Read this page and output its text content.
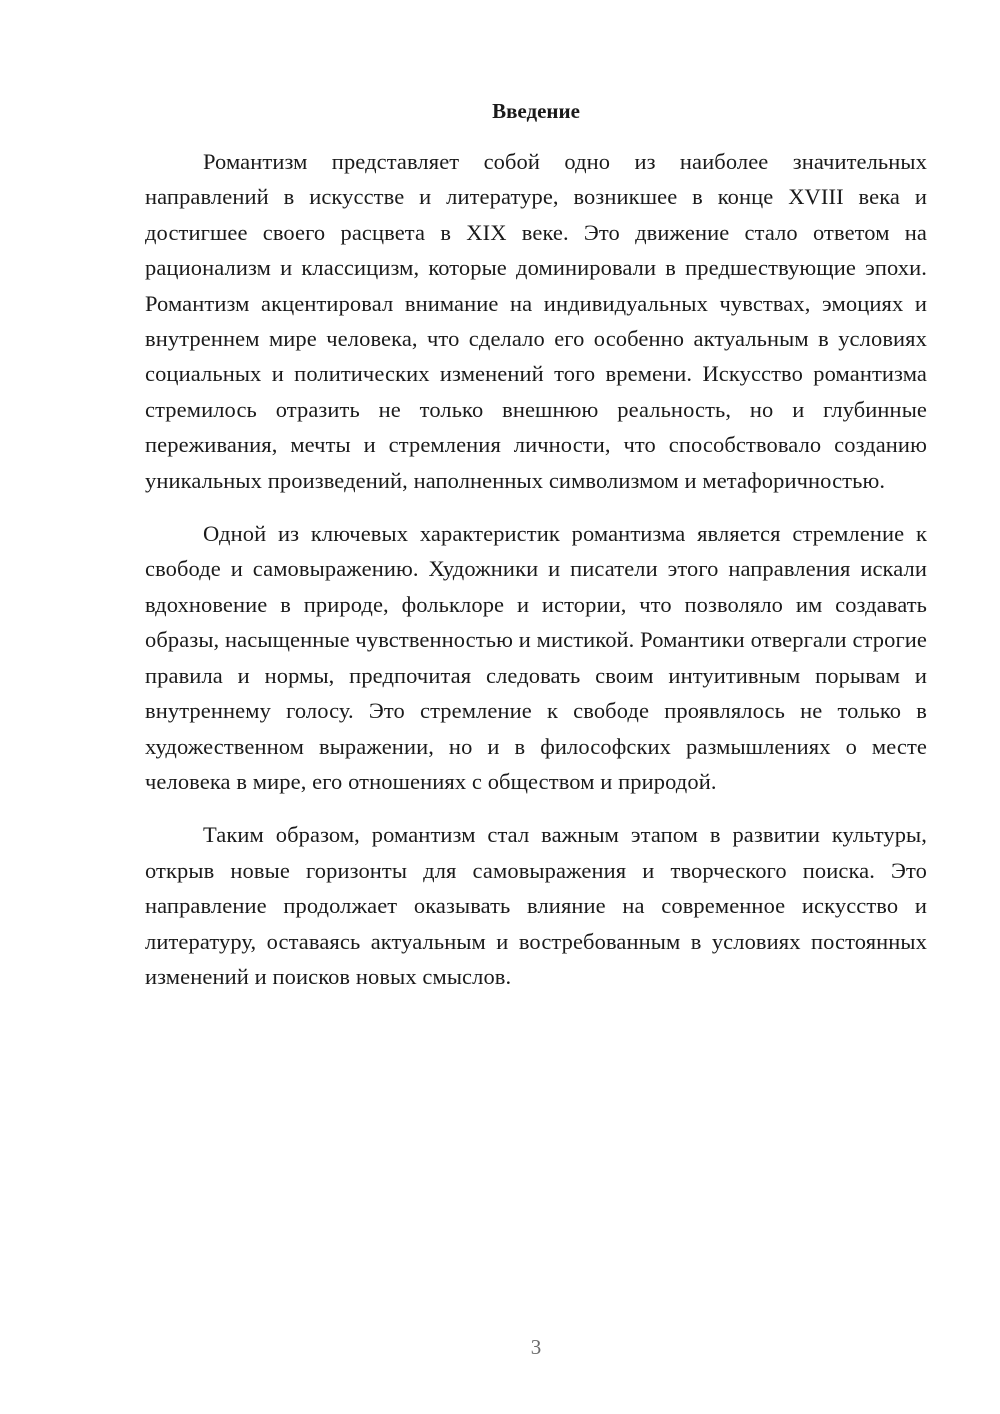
Введение

Романтизм представляет собой одно из наиболее значительных направлений в искусстве и литературе, возникшее в конце XVIII века и достигшее своего расцвета в XIX веке. Это движение стало ответом на рационализм и классицизм, которые доминировали в предшествующие эпохи. Романтизм акцентировал внимание на индивидуальных чувствах, эмоциях и внутреннем мире человека, что сделало его особенно актуальным в условиях социальных и политических изменений того времени. Искусство романтизма стремилось отразить не только внешнюю реальность, но и глубинные переживания, мечты и стремления личности, что способствовало созданию уникальных произведений, наполненных символизмом и метафоричностью.

Одной из ключевых характеристик романтизма является стремление к свободе и самовыражению. Художники и писатели этого направления искали вдохновение в природе, фольклоре и истории, что позволяло им создавать образы, насыщенные чувственностью и мистикой. Романтики отвергали строгие правила и нормы, предпочитая следовать своим интуитивным порывам и внутреннему голосу. Это стремление к свободе проявлялось не только в художественном выражении, но и в философских размышлениях о месте человека в мире, его отношениях с обществом и природой.

Таким образом, романтизм стал важным этапом в развитии культуры, открыв новые горизонты для самовыражения и творческого поиска. Это направление продолжает оказывать влияние на современное искусство и литературу, оставаясь актуальным и востребованным в условиях постоянных изменений и поисков новых смыслов.

3
